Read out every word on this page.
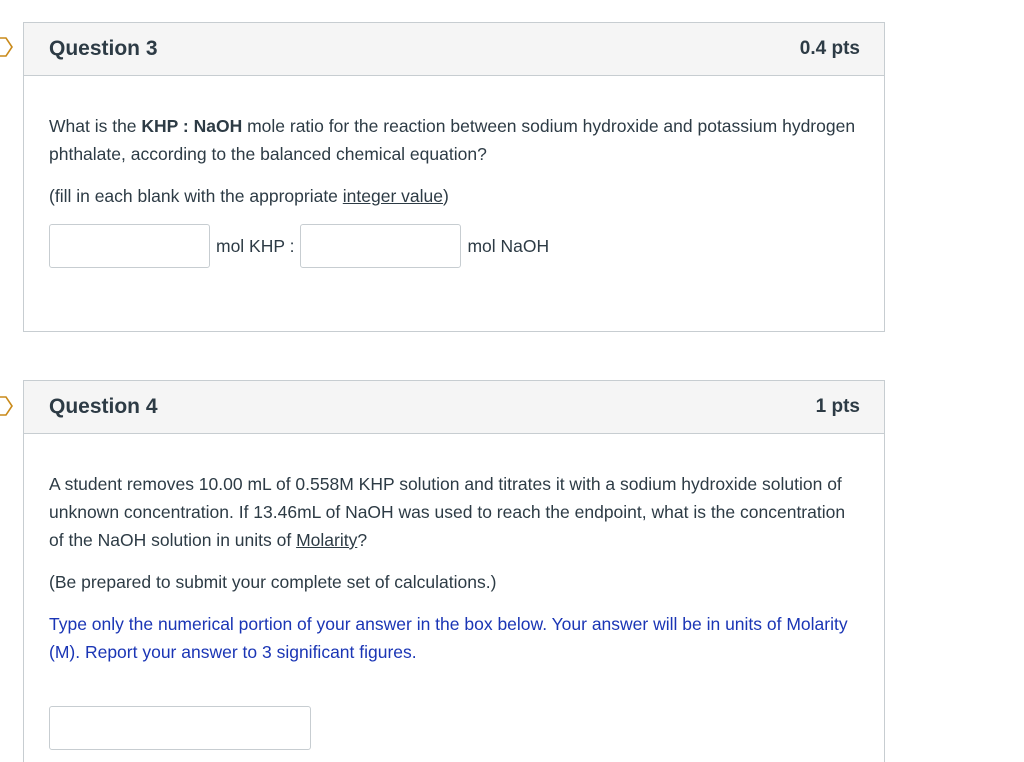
Question 3	0.4 pts

What is the KHP : NaOH mole ratio for the reaction between sodium hydroxide and potassium hydrogen phthalate, according to the balanced chemical equation?

(fill in each blank with the appropriate integer value)

mol KHP :	mol NaOH
Question 4	1 pts

A student removes 10.00 mL of 0.558M KHP solution and titrates it with a sodium hydroxide solution of unknown concentration. If 13.46mL of NaOH was used to reach the endpoint, what is the concentration of the NaOH solution in units of Molarity?

(Be prepared to submit your complete set of calculations.)

Type only the numerical portion of your answer in the box below. Your answer will be in units of Molarity (M). Report your answer to 3 significant figures.
